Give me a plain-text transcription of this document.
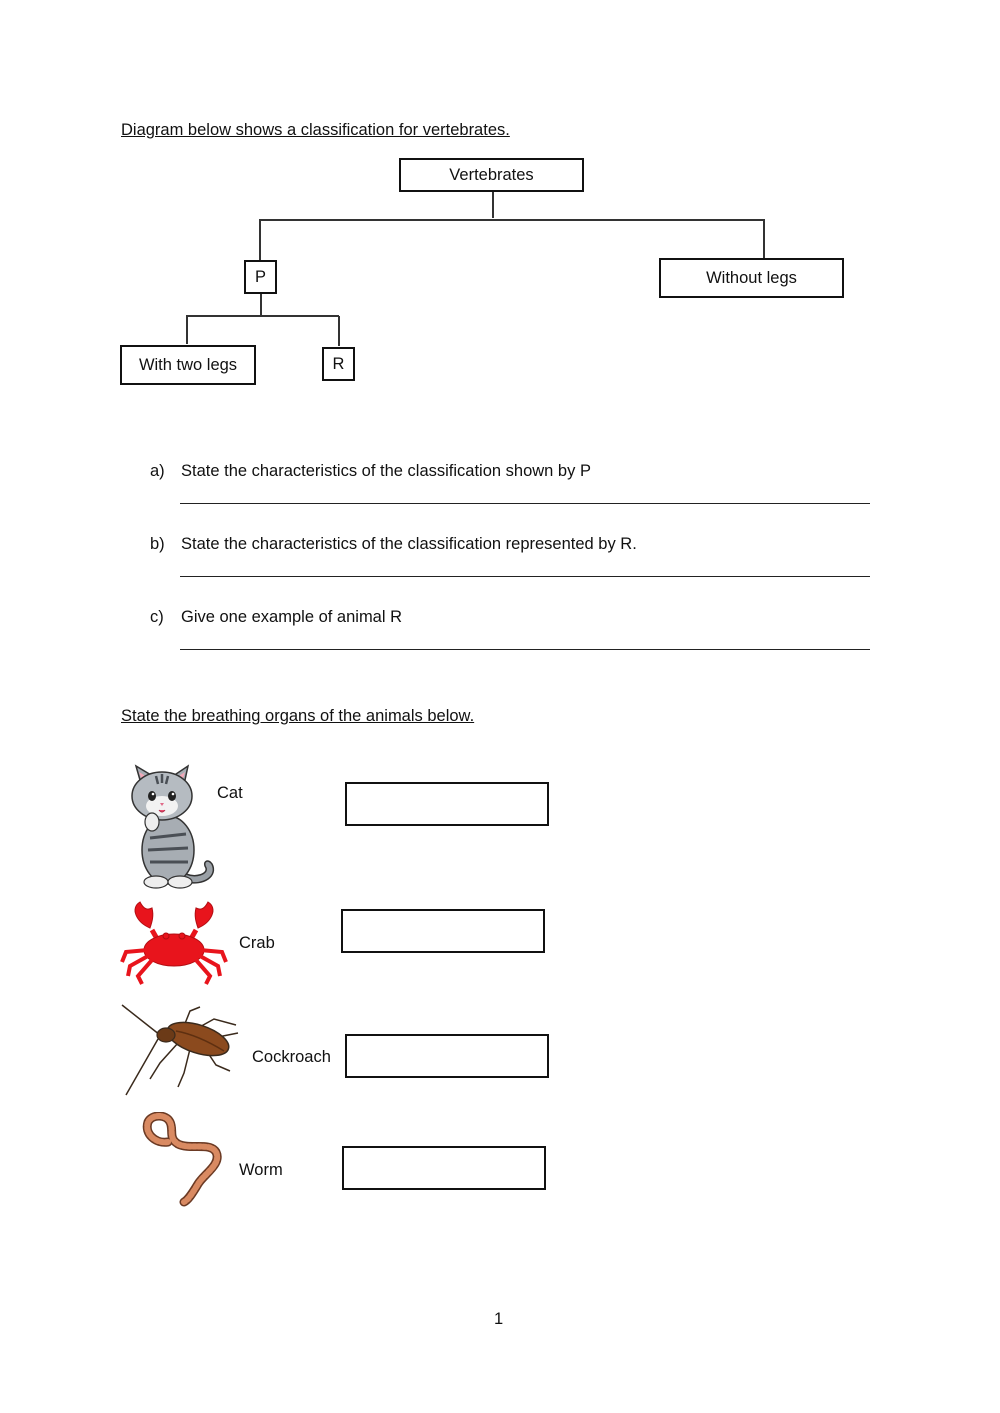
Diagram below shows a classification for vertebrates.
Vertebrates
P	Without legs
With two legs	R
a) State the characteristics of the classification shown by P
b) State the characteristics of the classification represented by R.
c) Give one example of animal R
State the breathing organs of the animals below.
Cat
Crab
Cockroach
Worm
1
